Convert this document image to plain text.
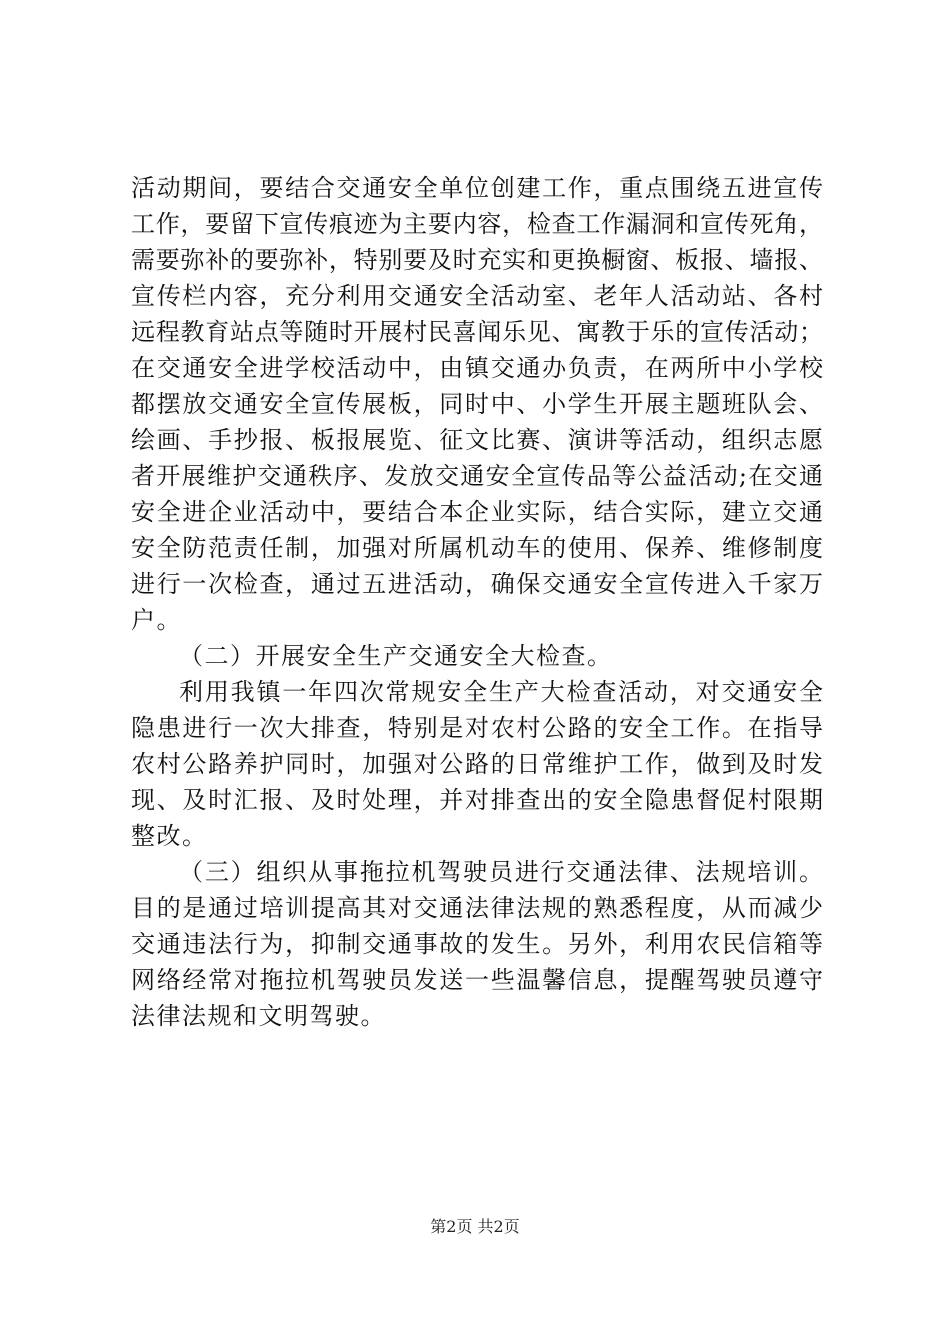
活动期间，要结合交通安全单位创建工作，重点围绕五进宣传
工作，要留下宣传痕迹为主要内容，检查工作漏洞和宣传死角，
需要弥补的要弥补，特别要及时充实和更换橱窗、板报、墙报、
宣传栏内容，充分利用交通安全活动室、老年人活动站、各村
远程教育站点等随时开展村民喜闻乐见、寓教于乐的宣传活动；
在交通安全进学校活动中，由镇交通办负责，在两所中小学校
都摆放交通安全宣传展板，同时中、小学生开展主题班队会、
绘画、手抄报、板报展览、征文比赛、演讲等活动，组织志愿
者开展维护交通秩序、发放交通安全宣传品等公益活动;在交通
安全进企业活动中，要结合本企业实际，结合实际，建立交通
安全防范责任制，加强对所属机动车的使用、保养、维修制度
进行一次检查，通过五进活动，确保交通安全宣传进入千家万
户。
（二）开展安全生产交通安全大检查。
利用我镇一年四次常规安全生产大检查活动，对交通安全
隐患进行一次大排查，特别是对农村公路的安全工作。在指导
农村公路养护同时，加强对公路的日常维护工作，做到及时发
现、及时汇报、及时处理，并对排查出的安全隐患督促村限期
整改。
（三）组织从事拖拉机驾驶员进行交通法律、法规培训。
目的是通过培训提高其对交通法律法规的熟悉程度，从而减少
交通违法行为，抑制交通事故的发生。另外，利用农民信箱等
网络经常对拖拉机驾驶员发送一些温馨信息，提醒驾驶员遵守
法律法规和文明驾驶。
第2页 共2页
